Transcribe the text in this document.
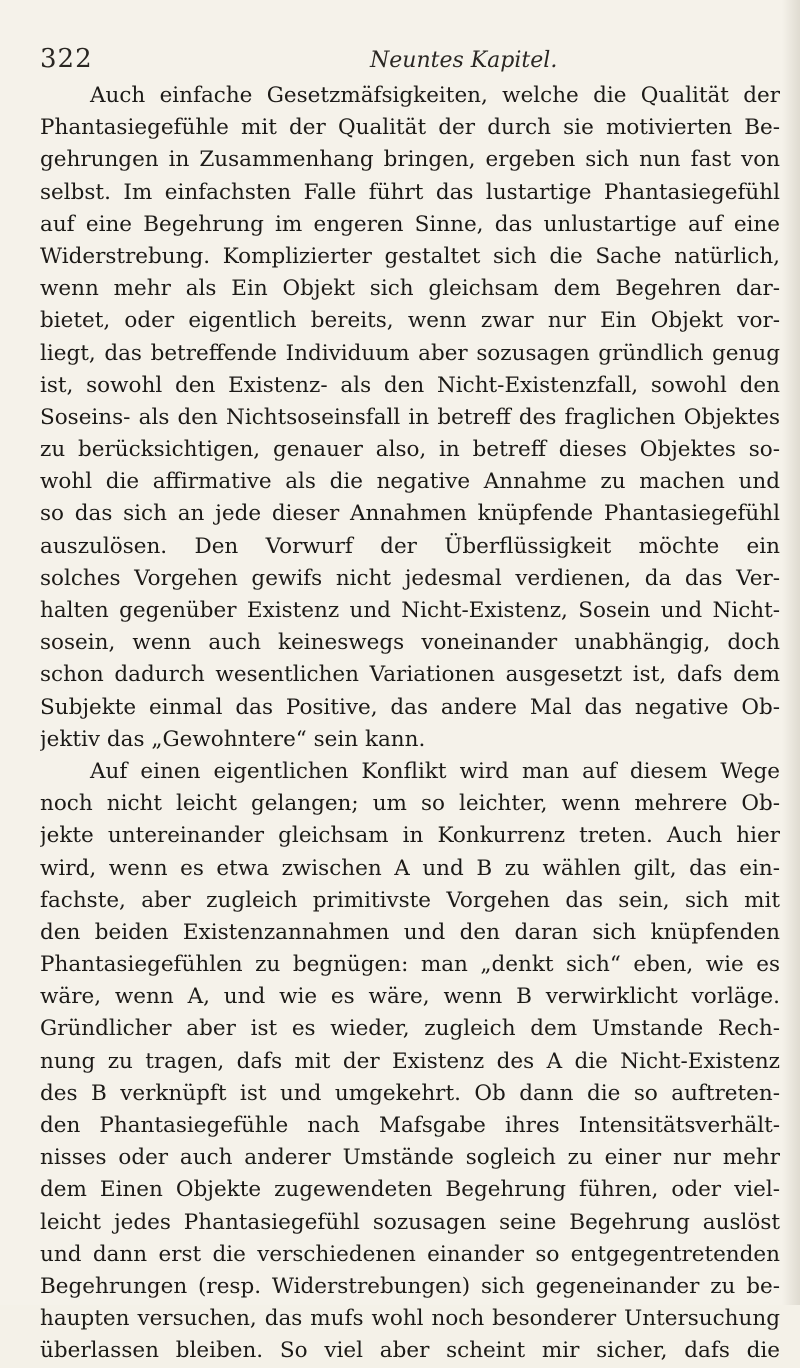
322	Neuntes Kapitel.
Auch einfache Gesetzmäfsigkeiten, welche die Qualität der
Phantasiegefühle mit der Qualität der durch sie motivierten Be-
gehrungen in Zusammenhang bringen, ergeben sich nun fast von
selbst. Im einfachsten Falle führt das lustartige Phantasiegefühl
auf eine Begehrung im engeren Sinne, das unlustartige auf eine
Widerstrebung. Komplizierter gestaltet sich die Sache natürlich,
wenn mehr als Ein Objekt sich gleichsam dem Begehren dar-
bietet, oder eigentlich bereits, wenn zwar nur Ein Objekt vor-
liegt, das betreffende Individuum aber sozusagen gründlich genug
ist, sowohl den Existenz- als den Nicht-Existenzfall, sowohl den
Soseins- als den Nichtsoseinsfall in betreff des fraglichen Objektes
zu berücksichtigen, genauer also, in betreff dieses Objektes so-
wohl die affirmative als die negative Annahme zu machen und
so das sich an jede dieser Annahmen knüpfende Phantasiegefühl
auszulösen. Den Vorwurf der Überflüssigkeit möchte ein
solches Vorgehen gewifs nicht jedesmal verdienen, da das Ver-
halten gegenüber Existenz und Nicht-Existenz, Sosein und Nicht-
sosein, wenn auch keineswegs voneinander unabhängig, doch
schon dadurch wesentlichen Variationen ausgesetzt ist, dafs dem
Subjekte einmal das Positive, das andere Mal das negative Ob-
jektiv das „Gewohntere“ sein kann.
Auf einen eigentlichen Konflikt wird man auf diesem Wege
noch nicht leicht gelangen; um so leichter, wenn mehrere Ob-
jekte untereinander gleichsam in Konkurrenz treten. Auch hier
wird, wenn es etwa zwischen A und B zu wählen gilt, das ein-
fachste, aber zugleich primitivste Vorgehen das sein, sich mit
den beiden Existenzannahmen und den daran sich knüpfenden
Phantasiegefühlen zu begnügen: man „denkt sich“ eben, wie es
wäre, wenn A, und wie es wäre, wenn B verwirklicht vorläge.
Gründlicher aber ist es wieder, zugleich dem Umstande Rech-
nung zu tragen, dafs mit der Existenz des A die Nicht-Existenz
des B verknüpft ist und umgekehrt. Ob dann die so auftreten-
den Phantasiegefühle nach Mafsgabe ihres Intensitätsverhält-
nisses oder auch anderer Umstände sogleich zu einer nur mehr
dem Einen Objekte zugewendeten Begehrung führen, oder viel-
leicht jedes Phantasiegefühl sozusagen seine Begehrung auslöst
und dann erst die verschiedenen einander so entgegentretenden
Begehrungen (resp. Widerstrebungen) sich gegeneinander zu be-
haupten versuchen, das mufs wohl noch besonderer Untersuchung
überlassen bleiben. So viel aber scheint mir sicher, dafs die
